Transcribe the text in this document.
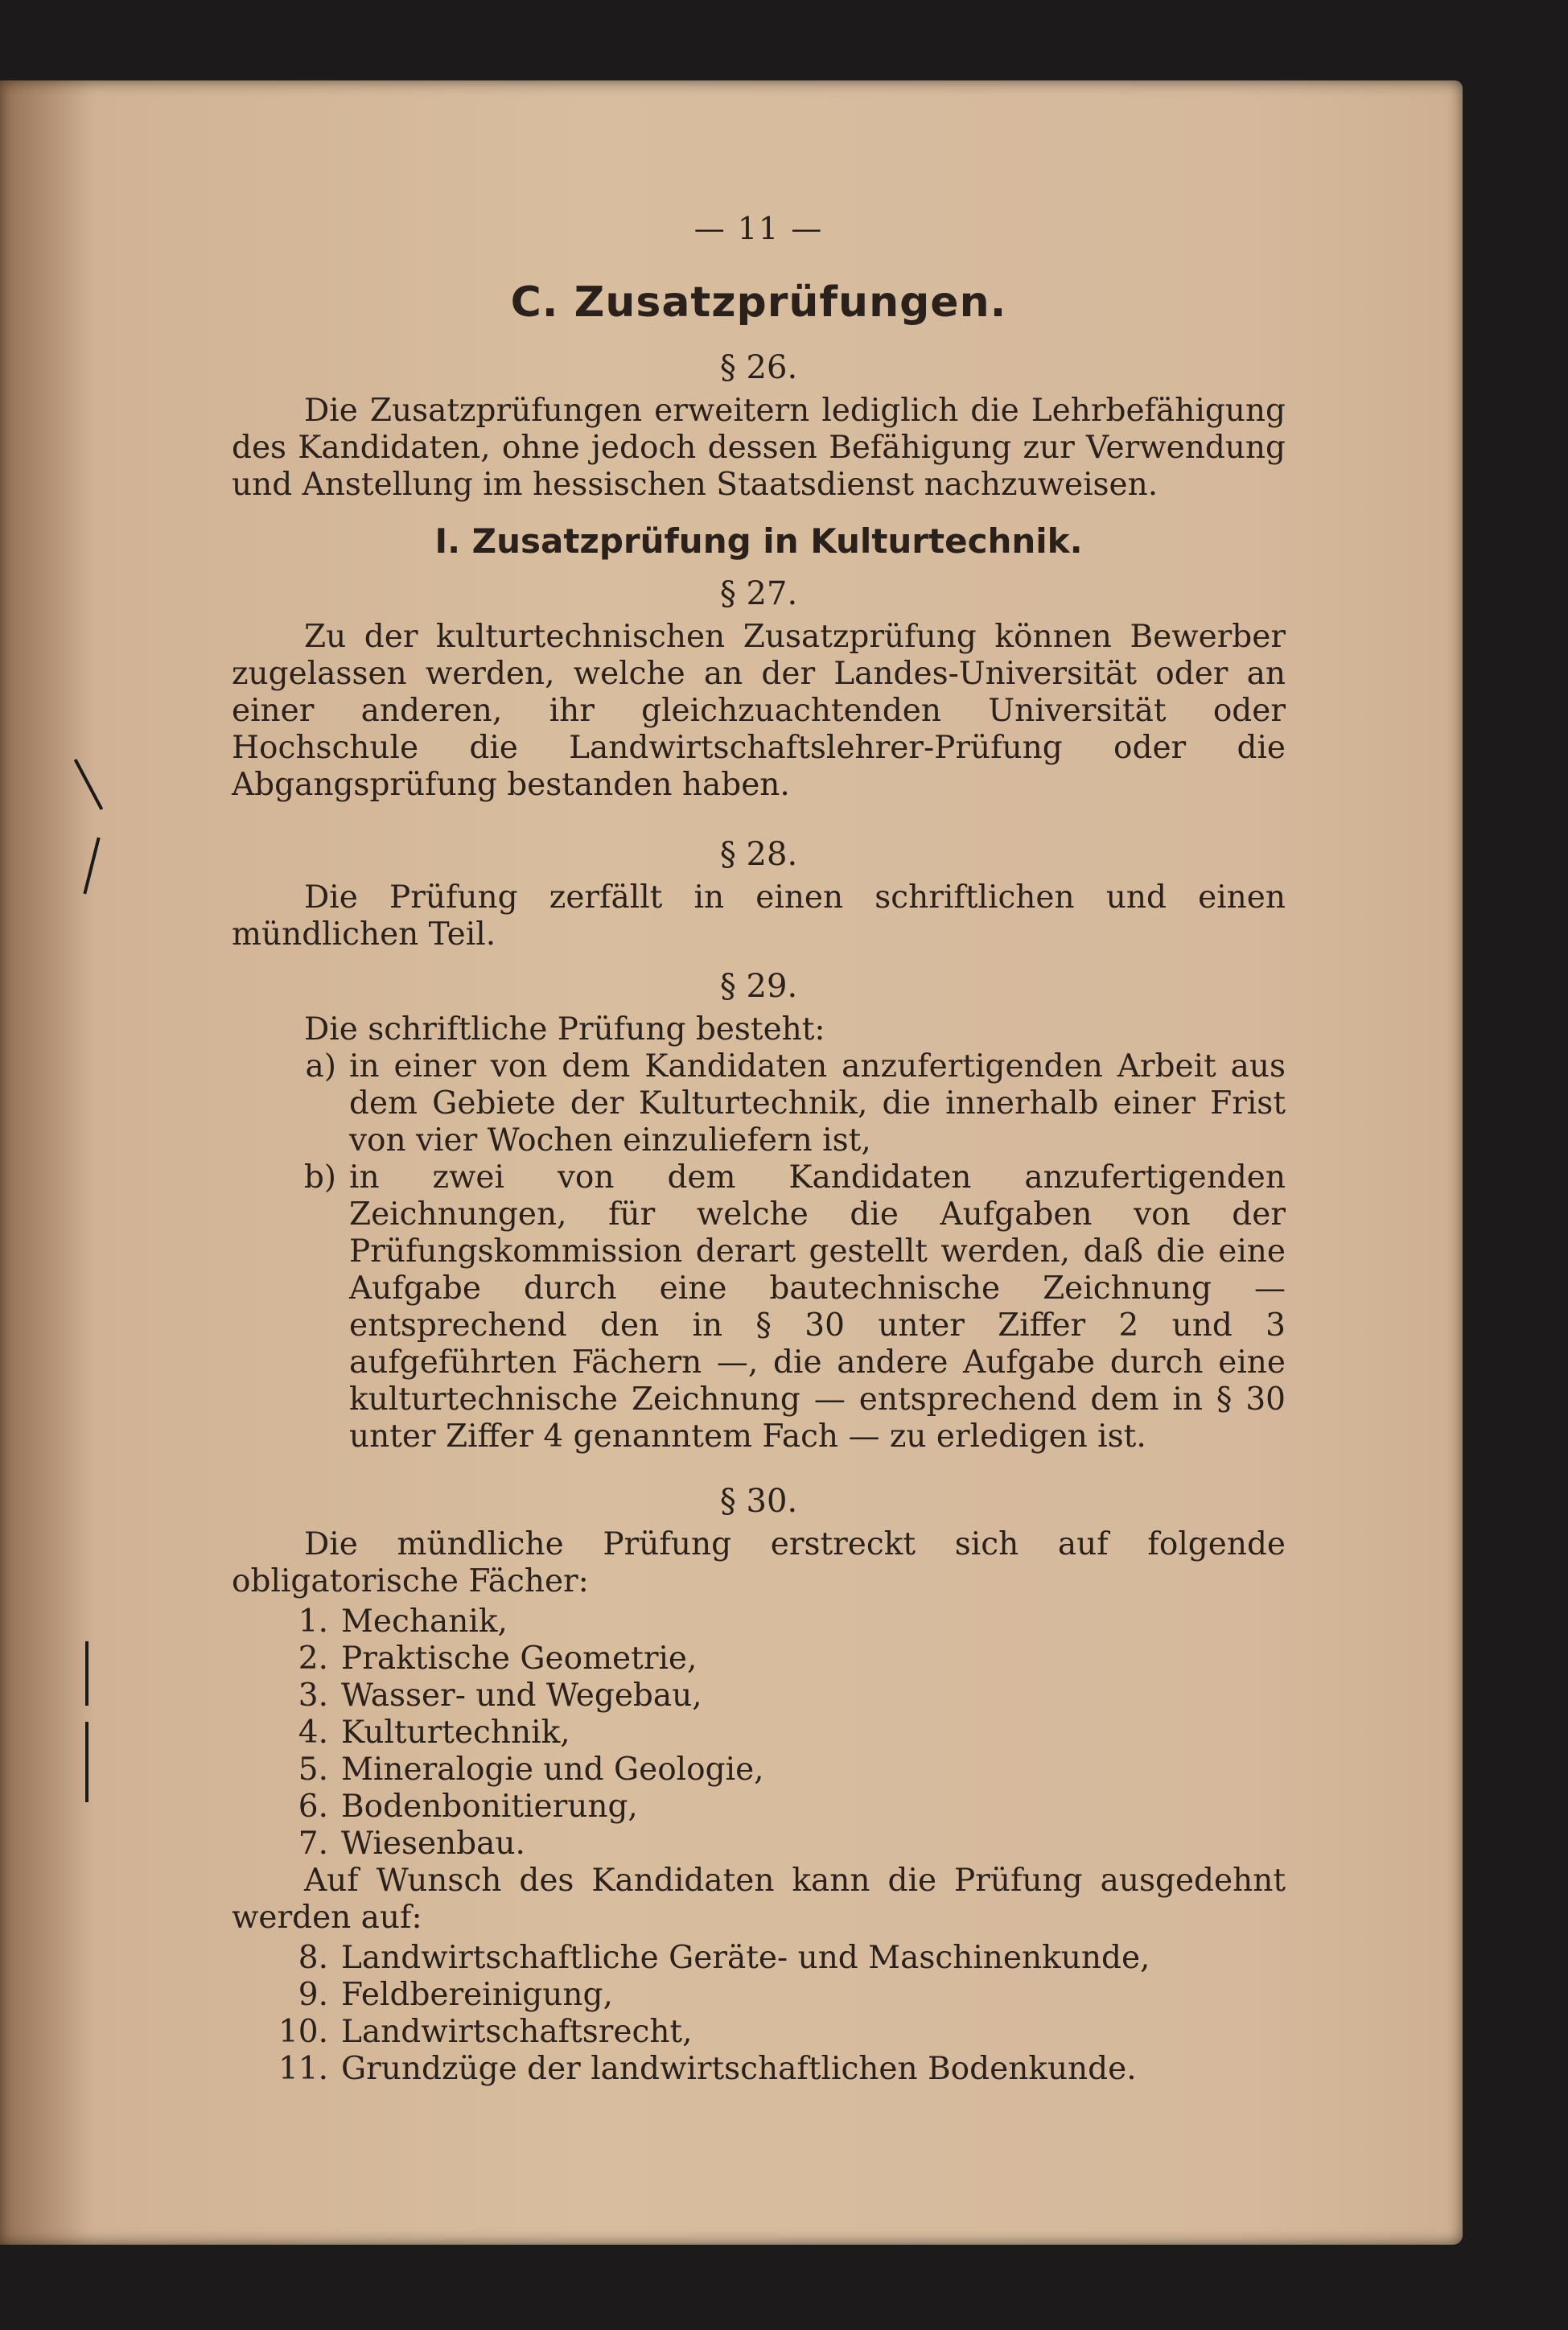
— 11 —
C. Zusatzprüfungen.
§ 26.

Die Zusatzprüfungen erweitern lediglich die Lehrbefähigung des Kandidaten, ohne jedoch dessen Befähigung zur Verwendung und Anstellung im hessischen Staatsdienst nachzuweisen.

I. Zusatzprüfung in Kulturtechnik.
§ 27.

Zu der kulturtechnischen Zusatzprüfung können Bewerber zugelassen werden, welche an der Landes-Universität oder an einer anderen, ihr gleichzuachtenden Universität oder Hochschule die Landwirtschaftslehrer-Prüfung oder die Abgangsprüfung bestanden haben.

§ 28.

Die Prüfung zerfällt in einen schriftlichen und einen mündlichen Teil.

§ 29.

Die schriftliche Prüfung besteht:

a) in einer von dem Kandidaten anzufertigenden Arbeit aus dem Gebiete der Kulturtechnik, die innerhalb einer Frist von vier Wochen einzuliefern ist,
b) in zwei von dem Kandidaten anzufertigenden Zeichnungen, für welche die Aufgaben von der Prüfungskommission derart gestellt werden, daß die eine Aufgabe durch eine bautechnische Zeichnung — entsprechend den in § 30 unter Ziffer 2 und 3 aufgeführten Fächern —, die andere Aufgabe durch eine kulturtechnische Zeichnung — entsprechend dem in § 30 unter Ziffer 4 genanntem Fach — zu erledigen ist.
§ 30.

Die mündliche Prüfung erstreckt sich auf folgende obligatorische Fächer:

1. Mechanik,
2. Praktische Geometrie,
3. Wasser- und Wegebau,
4. Kulturtechnik,
5. Mineralogie und Geologie,
6. Bodenbonitierung,
7. Wiesenbau.

Auf Wunsch des Kandidaten kann die Prüfung ausgedehnt werden auf:

8. Landwirtschaftliche Geräte- und Maschinenkunde,
9. Feldbereinigung,
10. Landwirtschaftsrecht,
11. Grundzüge der landwirtschaftlichen Bodenkunde.
